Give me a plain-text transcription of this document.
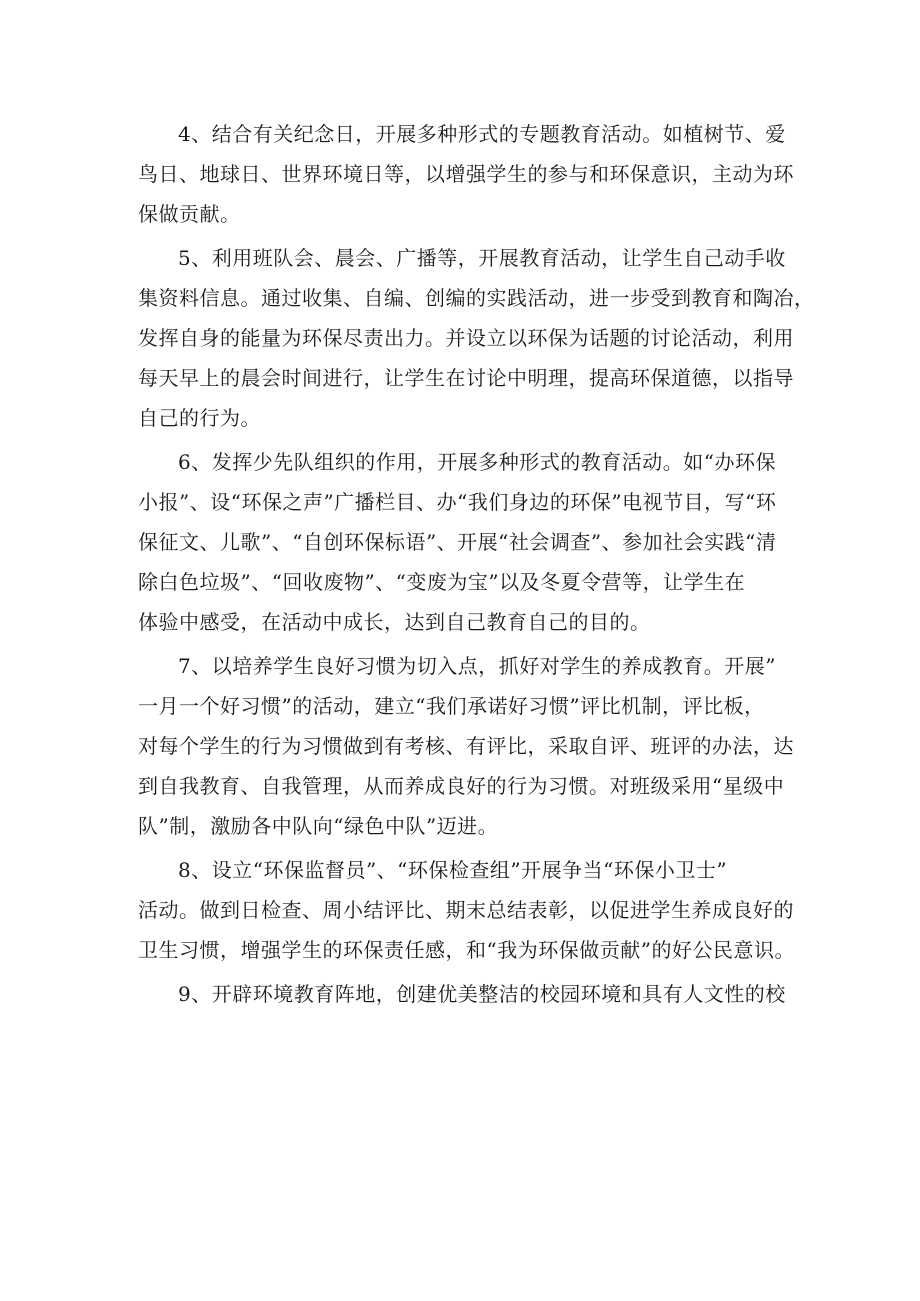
4、结合有关纪念日，开展多种形式的专题教育活动。如植树节、爱
鸟日、地球日、世界环境日等，以增强学生的参与和环保意识，主动为环
保做贡献。
5、利用班队会、晨会、广播等，开展教育活动，让学生自己动手收
集资料信息。通过收集、自编、创编的实践活动，进一步受到教育和陶冶，
发挥自身的能量为环保尽责出力。并设立以环保为话题的讨论活动，利用
每天早上的晨会时间进行，让学生在讨论中明理，提高环保道德，以指导
自己的行为。
6、发挥少先队组织的作用，开展多种形式的教育活动。如“办环保
小报”、设“环保之声”广播栏目、办“我们身边的环保”电视节目，写“环
保征文、儿歌”、“自创环保标语”、开展“社会调查”、参加社会实践“清
除白色垃圾”、“回收废物”、“变废为宝”以及冬夏令营等，让学生在
体验中感受，在活动中成长，达到自己教育自己的目的。
7、以培养学生良好习惯为切入点，抓好对学生的养成教育。开展”
一月一个好习惯”的活动，建立“我们承诺好习惯”评比机制，评比板，
对每个学生的行为习惯做到有考核、有评比，采取自评、班评的办法，达
到自我教育、自我管理，从而养成良好的行为习惯。对班级采用“星级中
队”制，激励各中队向“绿色中队”迈进。
8、设立“环保监督员”、“环保检查组”开展争当“环保小卫士”
活动。做到日检查、周小结评比、期末总结表彰，以促进学生养成良好的
卫生习惯，增强学生的环保责任感，和“我为环保做贡献”的好公民意识。
9、开辟环境教育阵地，创建优美整洁的校园环境和具有人文性的校
